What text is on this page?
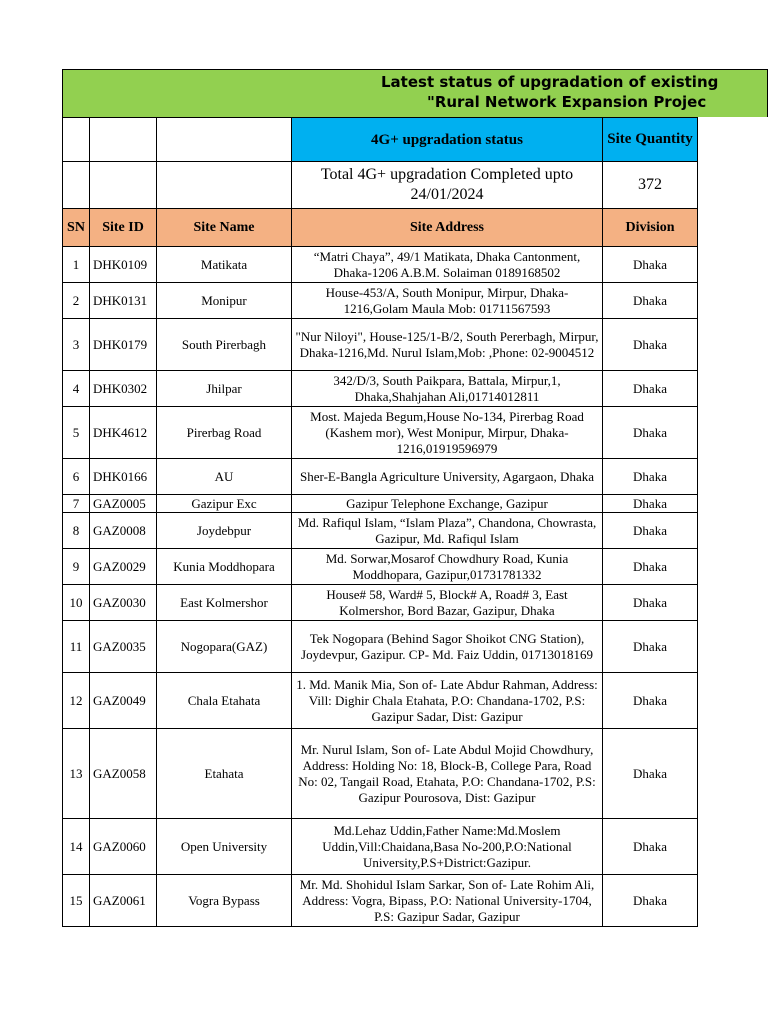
Latest status of upgradation of existing
"Rural Network Expansion Projec
			4G+ upgradation status	Site Quantity
			Total 4G+ upgradation Completed upto 24/01/2024	372
SN	Site ID	Site Name	Site Address	Division
1	DHK0109	Matikata	“Matri Chaya”, 49/1 Matikata, Dhaka Cantonment, Dhaka-1206 A.B.M. Solaiman 0189168502	Dhaka
2	DHK0131	Monipur	House-453/A, South Monipur, Mirpur, Dhaka-1216,Golam Maula Mob: 01711567593	Dhaka
3	DHK0179	South Pirerbagh	"Nur Niloyi", House-125/1-B/2, South Pererbagh, Mirpur, Dhaka-1216,Md. Nurul Islam,Mob: ,Phone: 02-9004512	Dhaka
4	DHK0302	Jhilpar	342/D/3, South Paikpara, Battala, Mirpur,1, Dhaka,Shahjahan Ali,01714012811	Dhaka
5	DHK4612	Pirerbag Road	Most. Majeda Begum,House No-134, Pirerbag Road (Kashem mor), West Monipur, Mirpur, Dhaka-1216,01919596979	Dhaka
6	DHK0166	AU	Sher-E-Bangla Agriculture University, Agargaon, Dhaka	Dhaka
7	GAZ0005	Gazipur Exc	Gazipur Telephone Exchange, Gazipur	Dhaka
8	GAZ0008	Joydebpur	Md. Rafiqul Islam, “Islam Plaza”, Chandona, Chowrasta, Gazipur, Md. Rafiqul Islam	Dhaka
9	GAZ0029	Kunia Moddhopara	Md. Sorwar,Mosarof Chowdhury Road, Kunia Moddhopara, Gazipur,01731781332	Dhaka
10	GAZ0030	East Kolmershor	House# 58, Ward# 5, Block# A, Road# 3, East Kolmershor, Bord Bazar, Gazipur, Dhaka	Dhaka
11	GAZ0035	Nogopara(GAZ)	Tek Nogopara (Behind Sagor Shoikot CNG Station), Joydevpur, Gazipur. CP- Md. Faiz Uddin, 01713018169	Dhaka
12	GAZ0049	Chala Etahata	1. Md. Manik Mia, Son of- Late Abdur Rahman, Address: Vill: Dighir Chala Etahata, P.O: Chandana-1702, P.S: Gazipur Sadar, Dist: Gazipur	Dhaka
13	GAZ0058	Etahata	Mr. Nurul Islam, Son of- Late Abdul Mojid Chowdhury, Address: Holding No: 18, Block-B, College Para, Road No: 02, Tangail Road, Etahata, P.O: Chandana-1702, P.S: Gazipur Pourosova, Dist: Gazipur	Dhaka
14	GAZ0060	Open University	Md.Lehaz Uddin,Father Name:Md.Moslem Uddin,Vill:Chaidana,Basa No-200,P.O:National University,P.S+District:Gazipur.	Dhaka
15	GAZ0061	Vogra Bypass	Mr. Md. Shohidul Islam Sarkar, Son of- Late Rohim Ali, Address: Vogra, Bipass, P.O: National University-1704, P.S: Gazipur Sadar, Gazipur	Dhaka
